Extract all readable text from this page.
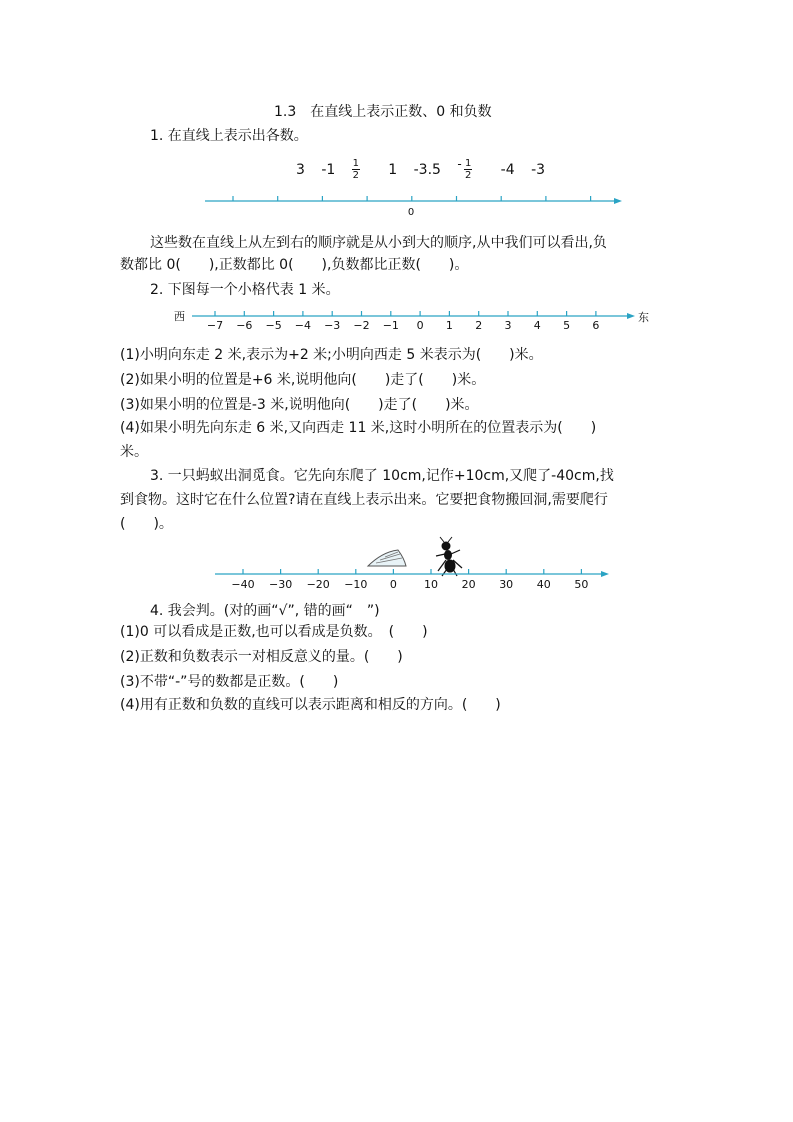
1.3　在直线上表示正数、0 和负数
1. 在直线上表示出各数。
3 $-1 \frac{1}{2} 1$ $-3.5 - \frac{1}{2} -4$ -3
0
这些数在直线上从左到右的顺序就是从小到大的顺序,从中我们可以看出,负
数都比 0(　　),正数都比 0(　　),负数都比正数(　　)。
2. 下图每一个小格代表 1 米。
西
−7 −6 −5 −4 −3 −2 −1 0 1 2 3 4 5 6
东
(1)小明向东走 2 米,表示为+2 米;小明向西走 5 米表示为(　　)米。
(2)如果小明的位置是+6 米,说明他向(　　)走了(　　)米。
(3)如果小明的位置是-3 米,说明他向(　　)走了(　　)米。
(4)如果小明先向东走 6 米,又向西走 11 米,这时小明所在的位置表示为(　　)
米。
3. 一只蚂蚁出洞觅食。它先向东爬了 10cm,记作+10cm,又爬了-40cm,找
到食物。这时它在什么位置?请在直线上表示出来。它要把食物搬回洞,需要爬行
(　　)。
−40 −30 −20 −10 0 10 20 30 40 50
4. 我会判。(对的画“√”, 错的画“　”)
(1)0 可以看成是正数,也可以看成是负数。　(　　)
(2)正数和负数表示一对相反意义的量。(　　)
(3)不带“-”号的数都是正数。(　　)
(4)用有正数和负数的直线可以表示距离和相反的方向。(　　)
